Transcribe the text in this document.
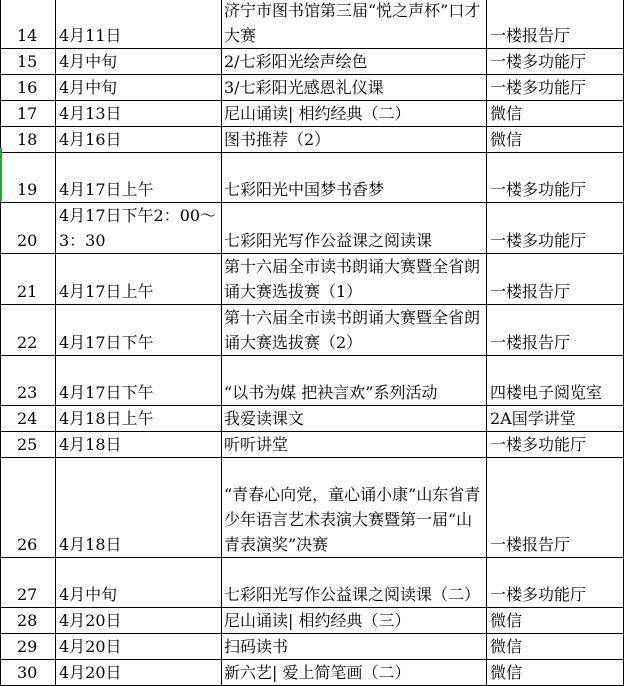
14	4月11日	济宁市图书馆第三届“悦之声杯”口才大赛	一楼报告厅
15	4月中旬	2/七彩阳光绘声绘色	一楼多功能厅
16	4月中旬	3/七彩阳光感恩礼仪课	一楼多功能厅
17	4月13日	尼山诵读| 相约经典（二）	微信
18	4月16日	图书推荐（2）	微信
19	4月17日上午	七彩阳光中国梦书香梦	一楼多功能厅
20	4月17日下午2：00～3：30	七彩阳光写作公益课之阅读课	一楼多功能厅
21	4月17日上午	第十六届全市读书朗诵大赛暨全省朗诵大赛选拔赛（1）	一楼报告厅
22	4月17日下午	第十六届全市读书朗诵大赛暨全省朗诵大赛选拔赛（2）	一楼报告厅
23	4月17日下午	“以书为媒 把袂言欢”系列活动	四楼电子阅览室
24	4月18日上午	我爱读课文	2A国学讲堂
25	4月18日	听听讲堂	一楼多功能厅
26	4月18日	“青春心向党，童心诵小康”山东省青少年语言艺术表演大赛暨第一届“山青表演奖”决赛	一楼报告厅
27	4月中旬	七彩阳光写作公益课之阅读课（二）	一楼多功能厅
28	4月20日	尼山诵读| 相约经典（三）	微信
29	4月20日	扫码读书	微信
30	4月20日	新六艺| 爱上简笔画（二）	微信
